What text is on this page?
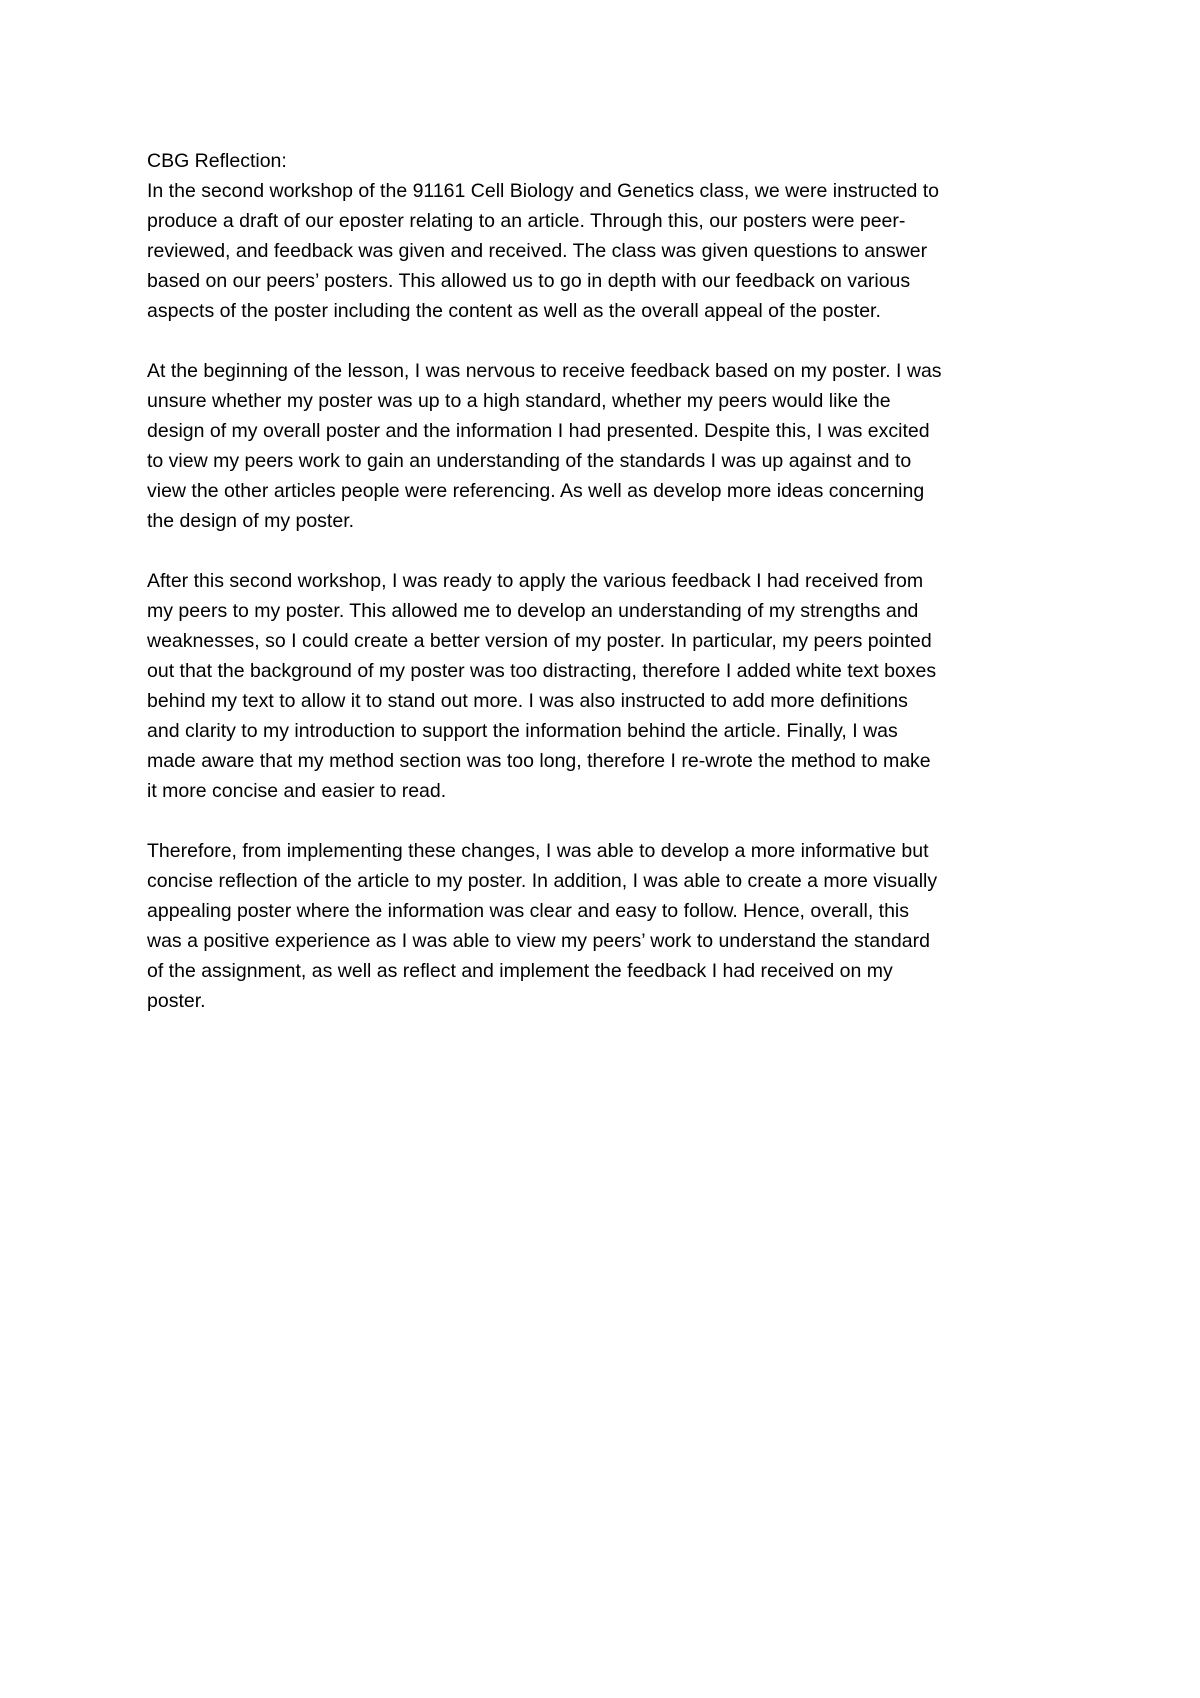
CBG Reflection:

In the second workshop of the 91161 Cell Biology and Genetics class, we were instructed to
produce a draft of our eposter relating to an article. Through this, our posters were peer-
reviewed, and feedback was given and received. The class was given questions to answer
based on our peers’ posters. This allowed us to go in depth with our feedback on various
aspects of the poster including the content as well as the overall appeal of the poster.

At the beginning of the lesson, I was nervous to receive feedback based on my poster. I was
unsure whether my poster was up to a high standard, whether my peers would like the
design of my overall poster and the information I had presented. Despite this, I was excited
to view my peers work to gain an understanding of the standards I was up against and to
view the other articles people were referencing. As well as develop more ideas concerning
the design of my poster.

After this second workshop, I was ready to apply the various feedback I had received from
my peers to my poster. This allowed me to develop an understanding of my strengths and
weaknesses, so I could create a better version of my poster. In particular, my peers pointed
out that the background of my poster was too distracting, therefore I added white text boxes
behind my text to allow it to stand out more. I was also instructed to add more definitions
and clarity to my introduction to support the information behind the article. Finally, I was
made aware that my method section was too long, therefore I re-wrote the method to make
it more concise and easier to read.

Therefore, from implementing these changes, I was able to develop a more informative but
concise reflection of the article to my poster. In addition, I was able to create a more visually
appealing poster where the information was clear and easy to follow. Hence, overall, this
was a positive experience as I was able to view my peers’ work to understand the standard
of the assignment, as well as reflect and implement the feedback I had received on my
poster.
